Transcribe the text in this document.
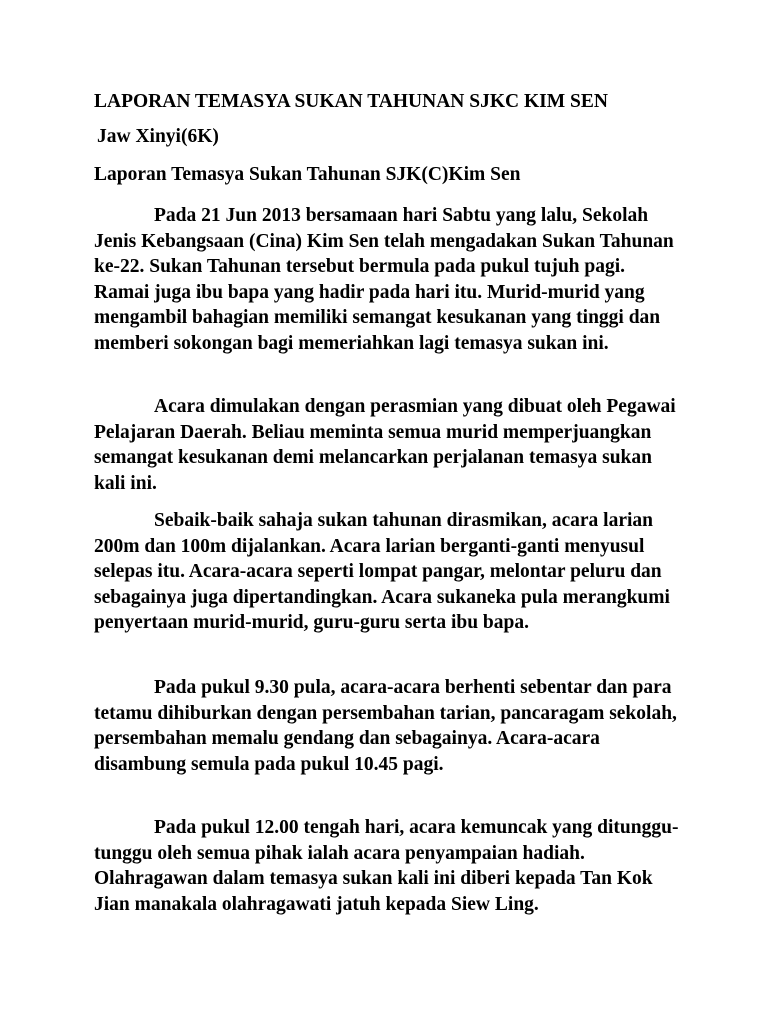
LAPORAN TEMASYA SUKAN TAHUNAN SJKC KIM SEN
Jaw Xinyi(6K)
Laporan Temasya Sukan Tahunan SJK(C)Kim Sen
Pada 21 Jun 2013 bersamaan hari Sabtu yang lalu, Sekolah Jenis Kebangsaan (Cina) Kim Sen telah mengadakan Sukan Tahunan ke-22. Sukan Tahunan tersebut bermula pada pukul tujuh pagi. Ramai juga ibu bapa yang hadir pada hari itu. Murid-murid yang mengambil bahagian memiliki semangat kesukanan yang tinggi dan memberi sokongan bagi memeriahkan lagi temasya sukan ini.
Acara dimulakan dengan perasmian yang dibuat oleh Pegawai Pelajaran Daerah. Beliau meminta semua murid memperjuangkan semangat kesukanan demi melancarkan perjalanan temasya sukan kali ini.
Sebaik-baik sahaja sukan tahunan dirasmikan, acara larian 200m dan 100m dijalankan. Acara larian berganti-ganti menyusul selepas itu. Acara-acara seperti lompat pangar, melontar peluru dan sebagainya juga dipertandingkan. Acara sukaneka pula merangkumi penyertaan murid-murid, guru-guru serta ibu bapa.
Pada pukul 9.30 pula, acara-acara berhenti sebentar dan para tetamu dihiburkan dengan persembahan tarian, pancaragam sekolah, persembahan memalu gendang dan sebagainya. Acara-acara disambung semula pada pukul 10.45 pagi.
Pada pukul 12.00 tengah hari, acara kemuncak yang ditunggu-tunggu oleh semua pihak ialah acara penyampaian hadiah. Olahragawan dalam temasya sukan kali ini diberi kepada Tan Kok Jian manakala olahragawati jatuh kepada Siew Ling.
